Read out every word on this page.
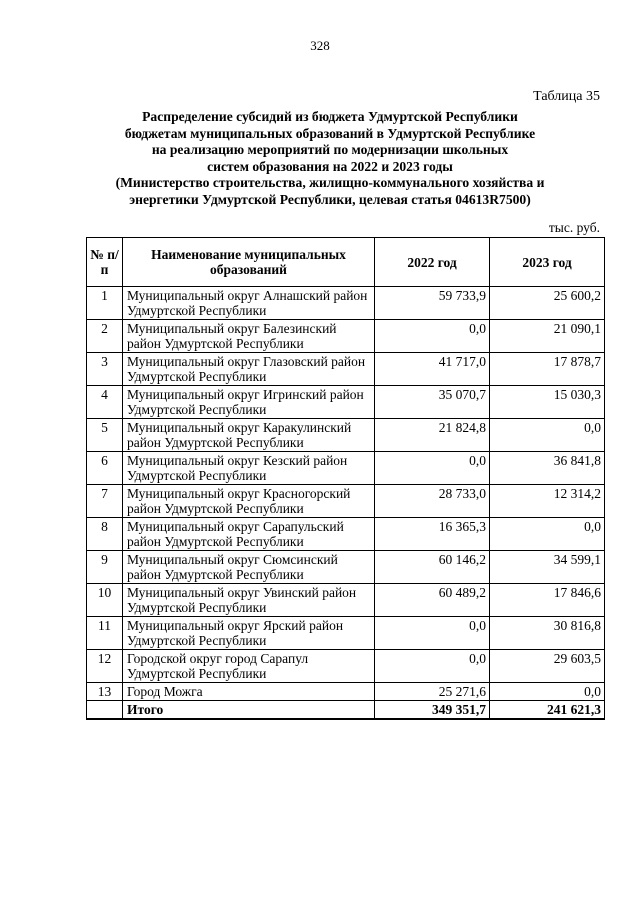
328
Таблица 35
Распределение субсидий из бюджета Удмуртской Республики
бюджетам муниципальных образований в Удмуртской Республике
на реализацию мероприятий по модернизации школьных
систем образования на 2022 и 2023 годы
(Министерство строительства, жилищно-коммунального хозяйства и
энергетики Удмуртской Республики, целевая статья 04613R7500)
тыс. руб.
№ п/п	Наименование муниципальных образований	2022 год	2023 год
1	Муниципальный округ Алнашский район Удмуртской Республики	59 733,9	25 600,2
2	Муниципальный округ Балезинский район Удмуртской Республики	0,0	21 090,1
3	Муниципальный округ Глазовский район Удмуртской Республики	41 717,0	17 878,7
4	Муниципальный округ Игринский район Удмуртской Республики	35 070,7	15 030,3
5	Муниципальный округ Каракулинский район Удмуртской Республики	21 824,8	0,0
6	Муниципальный округ Кезский район Удмуртской Республики	0,0	36 841,8
7	Муниципальный округ Красногорский район Удмуртской Республики	28 733,0	12 314,2
8	Муниципальный округ Сарапульский район Удмуртской Республики	16 365,3	0,0
9	Муниципальный округ Сюмсинский район Удмуртской Республики	60 146,2	34 599,1
10	Муниципальный округ Увинский район Удмуртской Республики	60 489,2	17 846,6
11	Муниципальный округ Ярский район Удмуртской Республики	0,0	30 816,8
12	Городской округ город Сарапул Удмуртской Республики	0,0	29 603,5
13	Город Можга	25 271,6	0,0
	Итого	349 351,7	241 621,3
